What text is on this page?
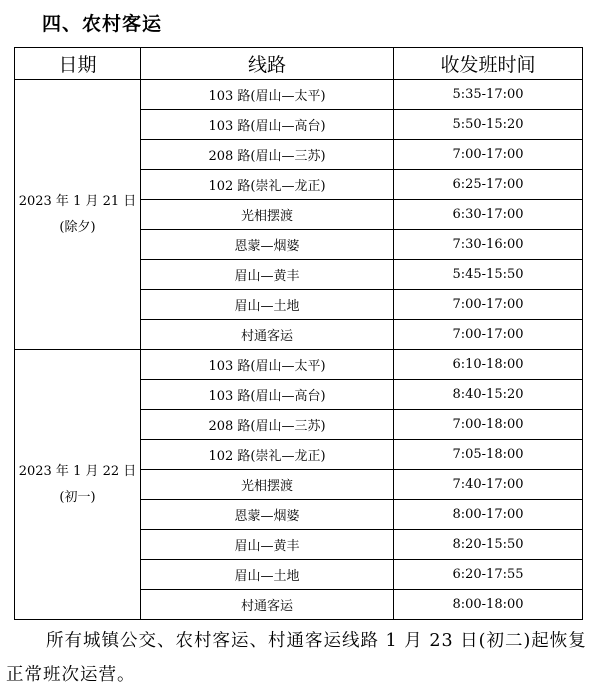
四、农村客运
日期	线路	收发班时间

2023 年 1 月 21 日
(除夕)	103 路(眉山—太平)	5:35-17:00
	103 路(眉山—高台)	5:50-15:20
	208 路(眉山—三苏)	7:00-17:00
	102 路(崇礼—龙正)	6:25-17:00
	光相摆渡	6:30-17:00
	恩蒙—烟婆	7:30-16:00
	眉山—黄丰	5:45-15:50
	眉山—土地	7:00-17:00
	村通客运	7:00-17:00

2023 年 1 月 22 日
(初一)	103 路(眉山—太平)	6:10-18:00
	103 路(眉山—高台)	8:40-15:20
	208 路(眉山—三苏)	7:00-18:00
	102 路(崇礼—龙正)	7:05-18:00
	光相摆渡	7:40-17:00
	恩蒙—烟婆	8:00-17:00
	眉山—黄丰	8:20-15:50
	眉山—土地	6:20-17:55
	村通客运	8:00-18:00
所有城镇公交、农村客运、村通客运线路 1 月 23 日(初二)起恢复正常班次运营。
